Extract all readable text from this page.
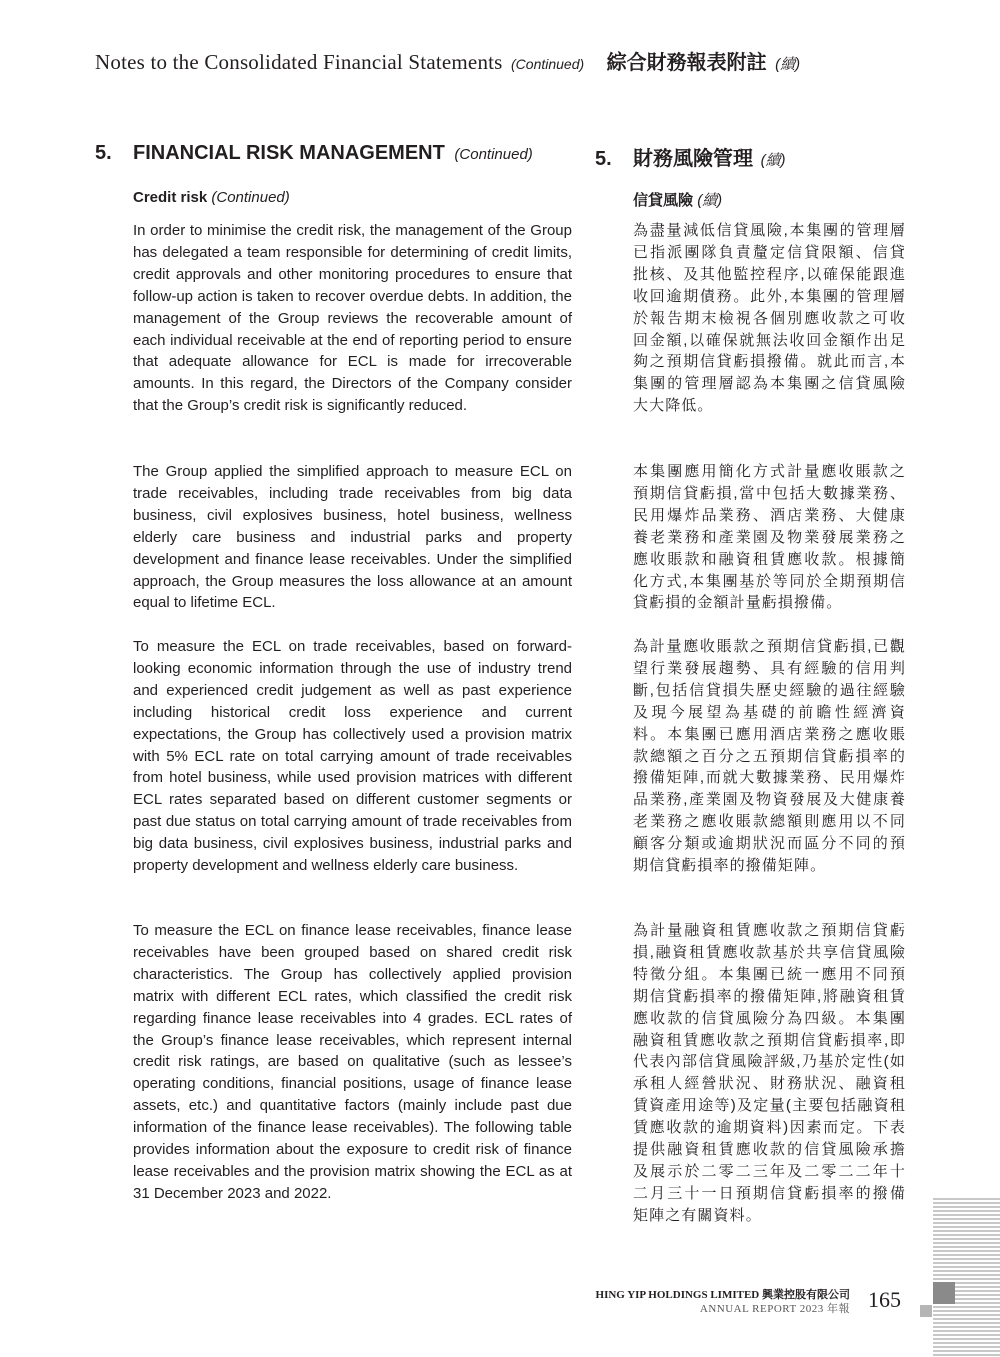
Notes to the Consolidated Financial Statements (Continued) 綜合財務報表附註 (續)
5. FINANCIAL RISK MANAGEMENT (Continued)	5. 財務風險管理 (續)
Credit risk (Continued)	信貸風險 (續)

In order to minimise the credit risk, the management of the Group has delegated a team responsible for determining of credit limits, credit approvals and other monitoring procedures to ensure that follow-up action is taken to recover overdue debts. In addition, the management of the Group reviews the recoverable amount of each individual receivable at the end of reporting period to ensure that adequate allowance for ECL is made for irrecoverable amounts. In this regard, the Directors of the Company consider that the Group’s credit risk is significantly reduced.

The Group applied the simplified approach to measure ECL on trade receivables, including trade receivables from big data business, civil explosives business, hotel business, wellness elderly care business and industrial parks and property development and finance lease receivables. Under the simplified approach, the Group measures the loss allowance at an amount equal to lifetime ECL.

To measure the ECL on trade receivables, based on forward-looking economic information through the use of industry trend and experienced credit judgement as well as past experience including historical credit loss experience and current expectations, the Group has collectively used a provision matrix with 5% ECL rate on total carrying amount of trade receivables from hotel business, while used provision matrices with different ECL rates separated based on different customer segments or past due status on total carrying amount of trade receivables from big data business, civil explosives business, industrial parks and property development and wellness elderly care business.

To measure the ECL on finance lease receivables, finance lease receivables have been grouped based on shared credit risk characteristics. The Group has collectively applied provision matrix with different ECL rates, which classified the credit risk regarding finance lease receivables into 4 grades. ECL rates of the Group’s finance lease receivables, which represent internal credit risk ratings, are based on qualitative (such as lessee’s operating conditions, financial positions, usage of finance lease assets, etc.) and quantitative factors (mainly include past due information of the finance lease receivables). The following table provides information about the exposure to credit risk of finance lease receivables and the provision matrix showing the ECL as at 31 December 2023 and 2022.

為盡量減低信貸風險,本集團的管理層已指派團隊負責釐定信貸限額、信貸批核、及其他監控程序,以確保能跟進收回逾期債務。此外,本集團的管理層於報告期末檢視各個別應收款之可收回金額,以確保就無法收回金額作出足夠之預期信貸虧損撥備。就此而言,本集團的管理層認為本集團之信貸風險大大降低。

本集團應用簡化方式計量應收賬款之預期信貸虧損,當中包括大數據業務、民用爆炸品業務、酒店業務、大健康養老業務和產業園及物業發展業務之應收賬款和融資租賃應收款。根據簡化方式,本集團基於等同於全期預期信貸虧損的金額計量虧損撥備。

為計量應收賬款之預期信貸虧損,已觀望行業發展趨勢、具有經驗的信用判斷,包括信貸損失歷史經驗的過往經驗及現今展望為基礎的前瞻性經濟資料。本集團已應用酒店業務之應收賬款總額之百分之五預期信貸虧損率的撥備矩陣,而就大數據業務、民用爆炸品業務,產業園及物資發展及大健康養老業務之應收賬款總額則應用以不同顧客分類或逾期狀況而區分不同的預期信貸虧損率的撥備矩陣。

為計量融資租賃應收款之預期信貸虧損,融資租賃應收款基於共享信貸風險特徵分組。本集團已統一應用不同預期信貸虧損率的撥備矩陣,將融資租賃應收款的信貸風險分為四級。本集團融資租賃應收款之預期信貸虧損率,即代表內部信貸風險評級,乃基於定性(如承租人經營狀況、財務狀況、融資租賃資產用途等)及定量(主要包括融資租賃應收款的逾期資料)因素而定。下表提供融資租賃應收款的信貸風險承擔及展示於二零二三年及二零二二年十二月三十一日預期信貸虧損率的撥備矩陣之有關資料。

HING YIP HOLDINGS LIMITED 興業控股有限公司
ANNUAL REPORT 2023 年報 165
